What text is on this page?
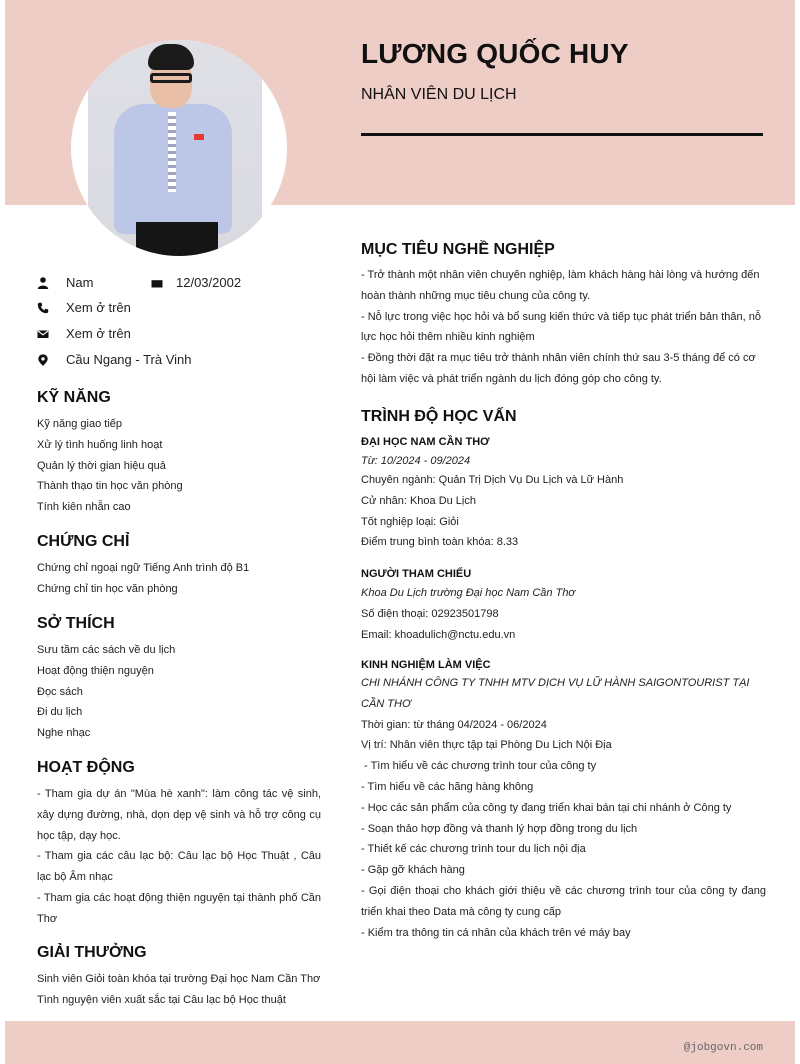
LƯƠNG QUỐC HUY
NHÂN VIÊN DU LỊCH
Nam	12/03/2002
Xem ở trên
Xem ở trên
Cầu Ngang - Trà Vinh
KỸ NĂNG
Kỹ năng giao tiếp
Xử lý tình huống linh hoạt
Quản lý thời gian hiệu quả
Thành thạo tin học văn phòng
Tính kiên nhẫn cao
CHỨNG CHỈ
Chứng chỉ ngoại ngữ Tiếng Anh trình độ B1
Chứng chỉ tin học văn phòng
SỞ THÍCH
Sưu tầm các sách về du lịch
Hoạt động thiện nguyện
Đọc sách
Đi du lịch
Nghe nhạc
HOẠT ĐỘNG
- Tham gia dự án "Mùa hè xanh": làm công tác vệ sinh, xây dựng đường, nhà, dọn dẹp vệ sinh và hỗ trợ công cụ học tập, dạy học.
- Tham gia các câu lạc bộ: Câu lạc bộ Học Thuật , Câu lạc bộ Âm nhạc
- Tham gia các hoạt động thiện nguyện tại thành phố Cần Thơ
GIẢI THƯỞNG
Sinh viên Giỏi toàn khóa tại trường Đại học Nam Cần Thơ
Tình nguyện viên xuất sắc tại Câu lạc bộ Học thuật
MỤC TIÊU NGHỀ NGHIỆP
- Trở thành một nhân viên chuyên nghiệp, làm khách hàng hài lòng và hướng đến hoàn thành những mục tiêu chung của công ty.
- Nỗ lực trong việc học hỏi và bổ sung kiến thức và tiếp tục phát triển bản thân, nỗ lực học hỏi thêm nhiều kinh nghiệm
- Đồng thời đặt ra mục tiêu trở thành nhân viên chính thứ sau 3-5 tháng để có cơ hội làm việc và phát triển ngành du lịch đóng góp cho công ty.
TRÌNH ĐỘ HỌC VẤN
ĐẠI HỌC NAM CẦN THƠ
Từ: 10/2024 - 09/2024
Chuyên ngành: Quản Trị Dịch Vụ Du Lịch và Lữ Hành
Cử nhân: Khoa Du Lịch
Tốt nghiệp loại: Giỏi
Điểm trung bình toàn khóa: 8.33
NGƯỜI THAM CHIẾU
Khoa Du Lịch trường Đại học Nam Cần Thơ
Số điện thoại: 02923501798
Email: khoadulich@nctu.edu.vn
KINH NGHIỆM LÀM VIỆC
CHI NHÁNH CÔNG TY TNHH MTV DỊCH VỤ LỮ HÀNH SAIGONTOURIST TẠI CẦN THƠ
Thời gian: từ tháng 04/2024 - 06/2024
Vị trí: Nhân viên thực tập tại Phòng Du Lịch Nội Địa
- Tìm hiểu về các chương trình tour của công ty
- Tìm hiểu về các hãng hàng không
- Học các sản phẩm của công ty đang triển khai bán tại chi nhánh ở Công ty
- Soạn thảo hợp đồng và thanh lý hợp đồng trong du lịch
- Thiết kế các chương trình tour du lịch nội địa
- Gặp gỡ khách hàng
- Gọi điện thoại cho khách giới thiệu về các chương trình tour của công ty đang triển khai theo Data mà công ty cung cấp
- Kiểm tra thông tin cá nhân của khách trên vé máy bay
@jobgovn.com
